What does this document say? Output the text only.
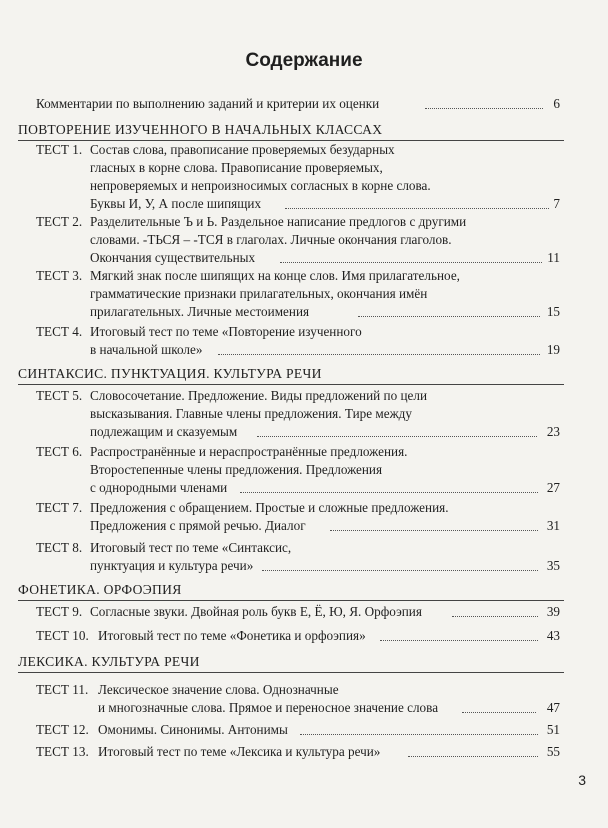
Содержание
Комментарии по выполнению заданий и критерии их оценки	6
ПОВТОРЕНИЕ ИЗУЧЕННОГО В НАЧАЛЬНЫХ КЛАССАХ
ТЕСТ 1. Состав слова, правописание проверяемых безударных
гласных в корне слова. Правописание проверяемых,
непроверяемых и непроизносимых согласных в корне слова.
Буквы И, У, А после шипящих	7
ТЕСТ 2. Разделительные Ъ и Ь. Раздельное написание предлогов с другими
словами. -ТЬСЯ – -ТСЯ в глаголах. Личные окончания глаголов.
Окончания существительных	11
ТЕСТ 3. Мягкий знак после шипящих на конце слов. Имя прилагательное,
грамматические признаки прилагательных, окончания имён
прилагательных. Личные местоимения	15
ТЕСТ 4. Итоговый тест по теме «Повторение изученного
в начальной школе»	19
СИНТАКСИС. ПУНКТУАЦИЯ. КУЛЬТУРА РЕЧИ
ТЕСТ 5. Словосочетание. Предложение. Виды предложений по цели
высказывания. Главные члены предложения. Тире между
подлежащим и сказуемым	23
ТЕСТ 6. Распространённые и нераспространённые предложения.
Второстепенные члены предложения. Предложения
с однородными членами	27
ТЕСТ 7. Предложения с обращением. Простые и сложные предложения.
Предложения с прямой речью. Диалог	31
ТЕСТ 8. Итоговый тест по теме «Синтаксис,
пунктуация и культура речи»	35
ФОНЕТИКА. ОРФОЭПИЯ
ТЕСТ 9. Согласные звуки. Двойная роль букв Е, Ё, Ю, Я. Орфоэпия	39
ТЕСТ 10. Итоговый тест по теме «Фонетика и орфоэпия»	43
ЛЕКСИКА. КУЛЬТУРА РЕЧИ
ТЕСТ 11. Лексическое значение слова. Однозначные
и многозначные слова. Прямое и переносное значение слова	47
ТЕСТ 12. Омонимы. Синонимы. Антонимы	51
ТЕСТ 13. Итоговый тест по теме «Лексика и культура речи»	55
3
